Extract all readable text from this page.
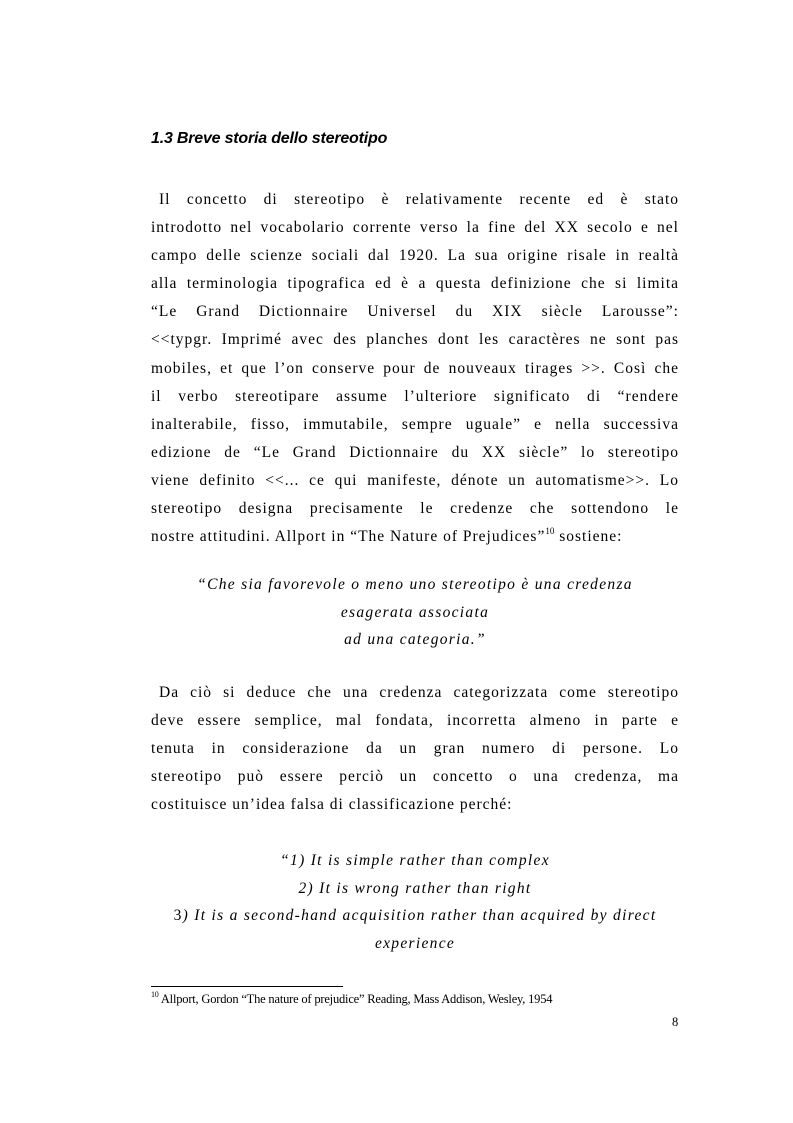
1.3 Breve storia dello stereotipo
Il concetto di stereotipo è relativamente recente ed è stato
introdotto nel vocabolario corrente verso la fine del XX secolo e nel
campo delle scienze sociali dal 1920. La sua origine risale in realtà
alla terminologia tipografica ed è a questa definizione che si limita
“Le Grand Dictionnaire Universel du XIX siècle Larousse”:
<<typgr. Imprimé avec des planches dont les caractères ne sont pas
mobiles, et que l’on conserve pour de nouveaux tirages >>. Così che
il verbo stereotipare assume l’ulteriore significato di “rendere
inalterabile, fisso, immutabile, sempre uguale” e nella successiva
edizione de “Le Grand Dictionnaire du XX siècle” lo stereotipo
viene definito <<... ce qui manifeste, dénote un automatisme>>. Lo
stereotipo designa precisamente le credenze che sottendono le
nostre attitudini. Allport in “The Nature of Prejudices”$^{10}$ sostiene:
“Che sia favorevole o meno uno stereotipo è una credenza
esagerata associata
ad una categoria.”
Da ciò si deduce che una credenza categorizzata come stereotipo
deve essere semplice, mal fondata, incorretta almeno in parte e
tenuta in considerazione da un gran numero di persone. Lo
stereotipo può essere perciò un concetto o una credenza, ma
costituisce un’idea falsa di classificazione perché:
“1) It is simple rather than complex
2) It is wrong rather than right
3) It is a second-hand acquisition rather than acquired by direct
experience
$^{10}$ Allport, Gordon “The nature of prejudice” Reading, Mass Addison, Wesley, 1954
8
